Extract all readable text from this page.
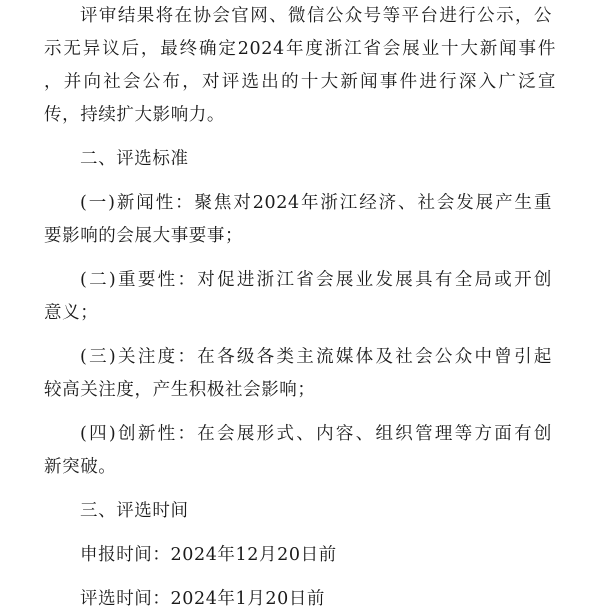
评审结果将在协会官网、微信公众号等平台进行公示，公
示无异议后，最终确定2024年度浙江省会展业十大新闻事件
，并向社会公布，对评选出的十大新闻事件进行深入广泛宣
传，持续扩大影响力。
二、评选标准
(一)新闻性：聚焦对2024年浙江经济、社会发展产生重
要影响的会展大事要事；
(二)重要性：对促进浙江省会展业发展具有全局或开创
意义；
(三)关注度：在各级各类主流媒体及社会公众中曾引起
较高关注度，产生积极社会影响；
(四)创新性：在会展形式、内容、组织管理等方面有创
新突破。
三、评选时间
申报时间：2024年12月20日前
评选时间：2024年1月20日前
